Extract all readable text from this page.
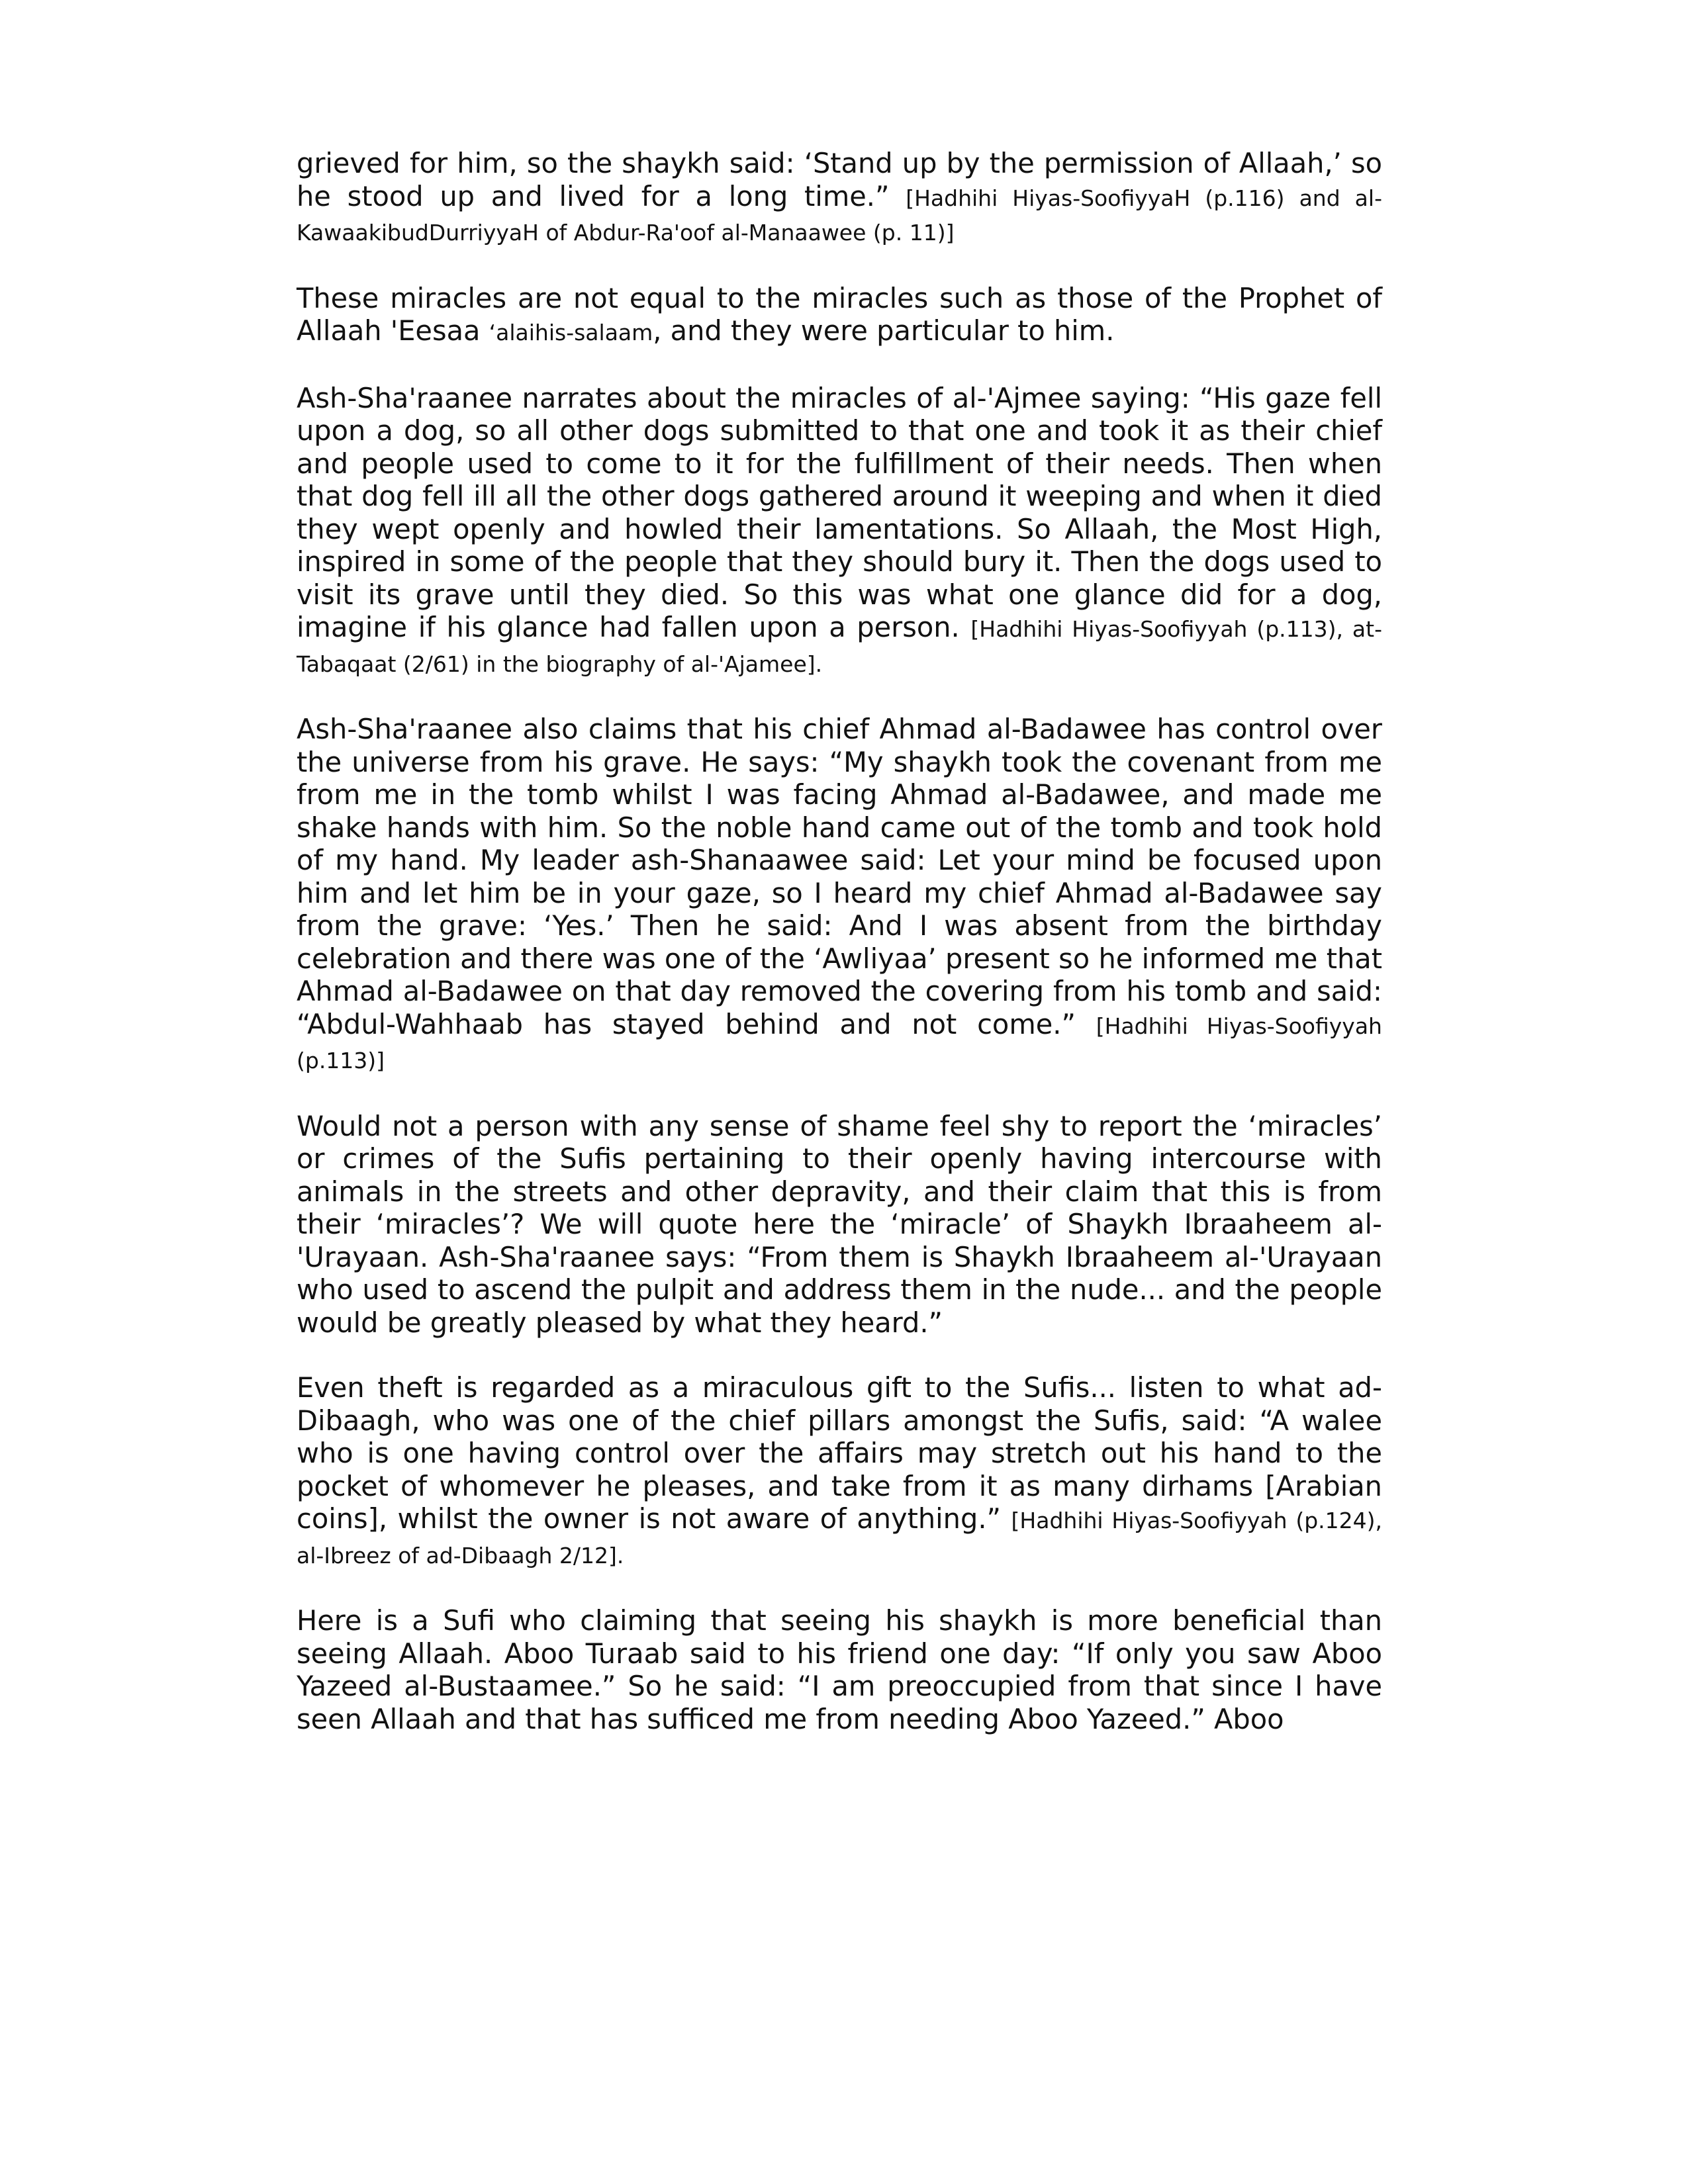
grieved for him, so the shaykh said: ‘Stand up by the permission of Allaah,’ so he stood up and lived for a long time.” [Hadhihi Hiyas-SoofiyyaH (p.116) and al-KawaakibudDurriyyaH of Abdur-Ra'oof al-Manaawee (p. 11)]

These miracles are not equal to the miracles such as those of the Prophet of Allaah 'Eesaa ‘alaihis-salaam, and they were particular to him.

Ash-Sha'raanee narrates about the miracles of al-'Ajmee saying: “His gaze fell upon a dog, so all other dogs submitted to that one and took it as their chief and people used to come to it for the fulfillment of their needs. Then when that dog fell ill all the other dogs gathered around it weeping and when it died they wept openly and howled their lamentations. So Allaah, the Most High, inspired in some of the people that they should bury it. Then the dogs used to visit its grave until they died. So this was what one glance did for a dog, imagine if his glance had fallen upon a person. [Hadhihi Hiyas-Soofiyyah (p.113), at-Tabaqaat (2/61) in the biography of al-'Ajamee].

Ash-Sha'raanee also claims that his chief Ahmad al-Badawee has control over the universe from his grave. He says: “My shaykh took the covenant from me from me in the tomb whilst I was facing Ahmad al-Badawee, and made me shake hands with him. So the noble hand came out of the tomb and took hold of my hand. My leader ash-Shanaawee said: Let your mind be focused upon him and let him be in your gaze, so I heard my chief Ahmad al-Badawee say from the grave: ‘Yes.’ Then he said: And I was absent from the birthday celebration and there was one of the ‘Awliyaa’ present so he informed me that Ahmad al-Badawee on that day removed the covering from his tomb and said: “Abdul-Wahhaab has stayed behind and not come.” [Hadhihi Hiyas-Soofiyyah (p.113)]

Would not a person with any sense of shame feel shy to report the ‘miracles’ or crimes of the Sufis pertaining to their openly having intercourse with animals in the streets and other depravity, and their claim that this is from their ‘miracles’? We will quote here the ‘miracle’ of Shaykh Ibraaheem al-'Urayaan. Ash-Sha'raanee says: “From them is Shaykh Ibraaheem al-'Urayaan who used to ascend the pulpit and address them in the nude... and the people would be greatly pleased by what they heard.”

Even theft is regarded as a miraculous gift to the Sufis... listen to what ad-Dibaagh, who was one of the chief pillars amongst the Sufis, said: “A walee who is one having control over the affairs may stretch out his hand to the pocket of whomever he pleases, and take from it as many dirhams [Arabian coins], whilst the owner is not aware of anything.” [Hadhihi Hiyas-Soofiyyah (p.124), al-Ibreez of ad-Dibaagh 2/12].

Here is a Sufi who claiming that seeing his shaykh is more beneficial than seeing Allaah. Aboo Turaab said to his friend one day: “If only you saw Aboo Yazeed al-Bustaamee.” So he said: “I am preoccupied from that since I have seen Allaah and that has sufficed me from needing Aboo Yazeed.” Aboo
